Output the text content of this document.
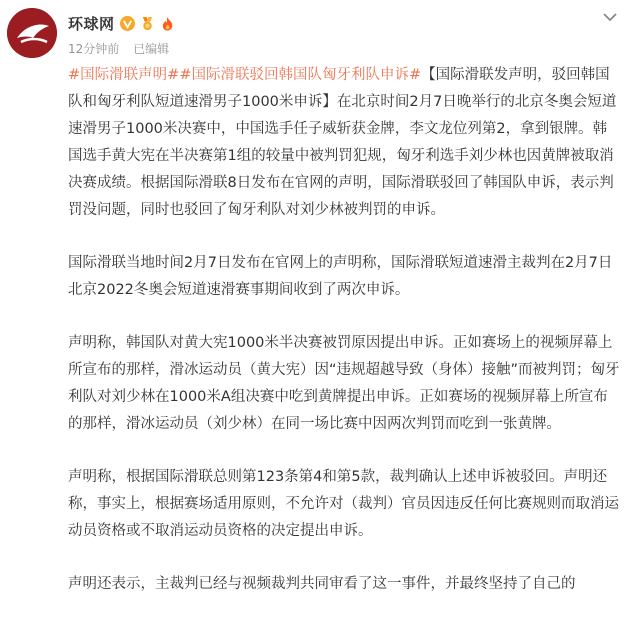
环球网
12分钟前 已编辑

#国际滑联声明##国际滑联驳回韩国队匈牙利队申诉#【国际滑联发声明，驳回韩国队和匈牙利队短道速滑男子1000米申诉】在北京时间2月7日晚举行的北京冬奥会短道速滑男子1000米决赛中，中国选手任子威斩获金牌，李文龙位列第2，拿到银牌。韩国选手黄大宪在半决赛第1组的较量中被判罚犯规，匈牙利选手刘少林也因黄牌被取消决赛成绩。根据国际滑联8日发布在官网的声明，国际滑联驳回了韩国队申诉，表示判罚没问题，同时也驳回了匈牙利队对刘少林被判罚的申诉。

国际滑联当地时间2月7日发布在官网上的声明称，国际滑联短道速滑主裁判在2月7日北京2022冬奥会短道速滑赛事期间收到了两次申诉。

声明称，韩国队对黄大宪1000米半决赛被罚原因提出申诉。正如赛场上的视频屏幕上所宣布的那样，滑冰运动员（黄大宪）因“违规超越导致（身体）接触”而被判罚；匈牙利队对刘少林在1000米A组决赛中吃到黄牌提出申诉。正如赛场的视频屏幕上所宣布的那样，滑冰运动员（刘少林）在同一场比赛中因两次判罚而吃到一张黄牌。

声明称，根据国际滑联总则第123条第4和第5款，裁判确认上述申诉被驳回。声明还称，事实上，根据赛场适用原则，不允许对（裁判）官员因违反任何比赛规则而取消运动员资格或不取消运动员资格的决定提出申诉。

声明还表示，主裁判已经与视频裁判共同审看了这一事件，并最终坚持了自己的
